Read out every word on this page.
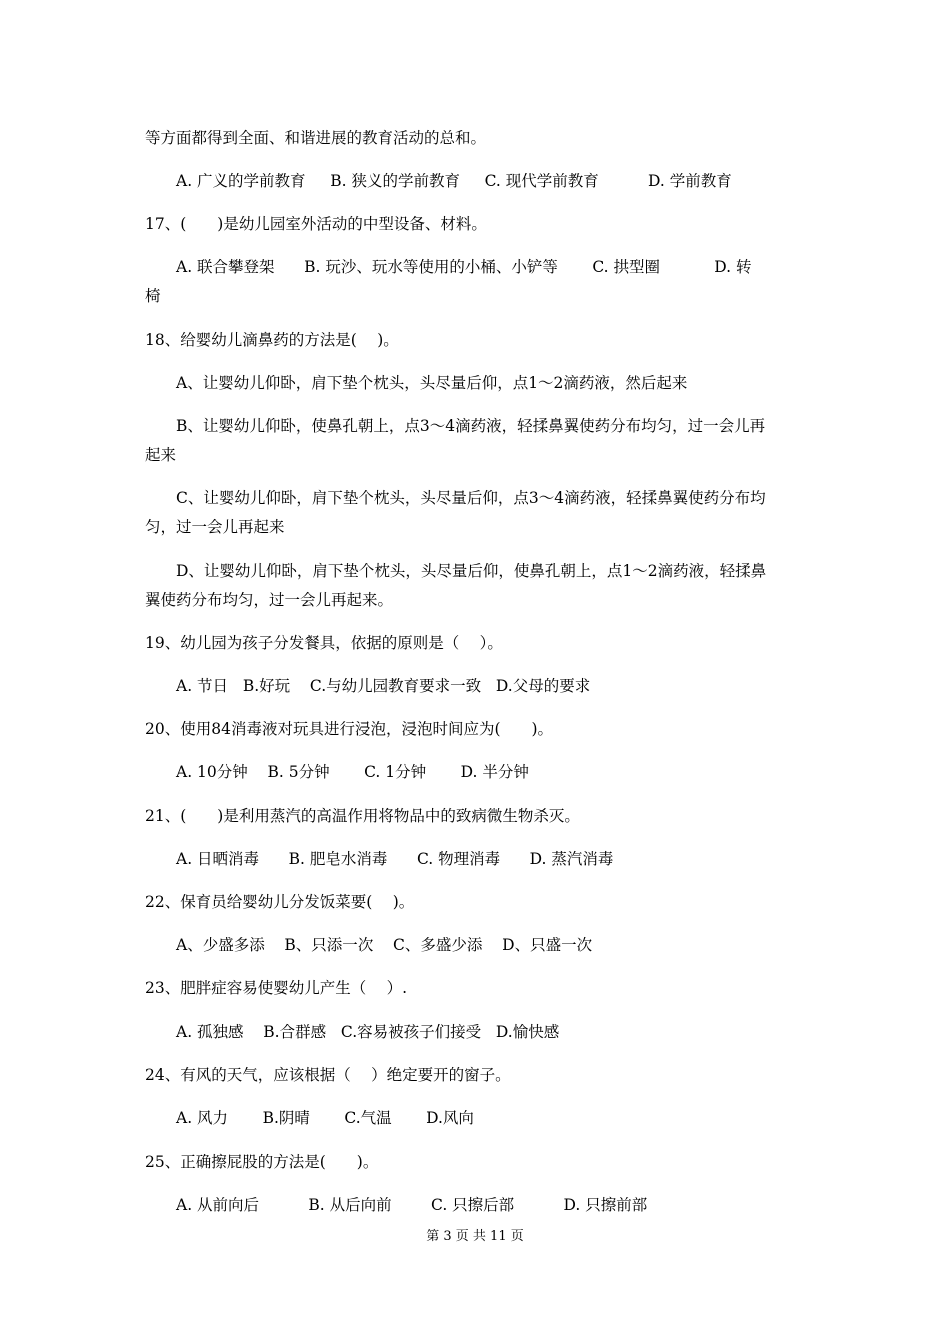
等方面都得到全面、和谐进展的教育活动的总和。

A. 广义的学前教育 B. 狭义的学前教育 C. 现代学前教育	D. 学前教育

17、(　　)是幼儿园室外活动的中型设备、材料。

A. 联合攀登架 B. 玩沙、玩水等使用的小桶、小铲等 C. 拱型圈	D. 转

椅

18、给婴幼儿滴鼻药的方法是(　 )。

A、让婴幼儿仰卧，肩下垫个枕头，头尽量后仰，点1～2滴药液，然后起来

B、让婴幼儿仰卧，使鼻孔朝上，点3～4滴药液，轻揉鼻翼使药分布均匀，过一会儿再

起来

C、让婴幼儿仰卧，肩下垫个枕头，头尽量后仰，点3～4滴药液，轻揉鼻翼使药分布均

匀，过一会儿再起来

D、让婴幼儿仰卧，肩下垫个枕头，头尽量后仰，使鼻孔朝上，点1～2滴药液，轻揉鼻

翼使药分布均匀，过一会儿再起来。

19、幼儿园为孩子分发餐具，依据的原则是（　 ）。

A. 节日 B.好玩 C.与幼儿园教育要求一致 D.父母的要求

20、使用84消毒液对玩具进行浸泡，浸泡时间应为(　　)。

A. 10分钟 B. 5分钟 C. 1分钟 D. 半分钟

21、(　　)是利用蒸汽的高温作用将物品中的致病微生物杀灭。

A. 日晒消毒 B. 肥皂水消毒 C. 物理消毒 D. 蒸汽消毒

22、保育员给婴幼儿分发饭菜要(　 )。

A、少盛多添 B、只添一次 C、多盛少添 D、只盛一次

23、肥胖症容易使婴幼儿产生（　 ）.

A. 孤独感 B.合群感 C.容易被孩子们接受 D.愉快感

24、有风的天气，应该根据（　 ）绝定要开的窗子。

A. 风力 B.阴晴 C.气温 D.风向

25、正确擦屁股的方法是(　　)。

A. 从前向后	B. 从后向前	C. 只擦后部	D. 只擦前部

第 3 页 共 11 页
